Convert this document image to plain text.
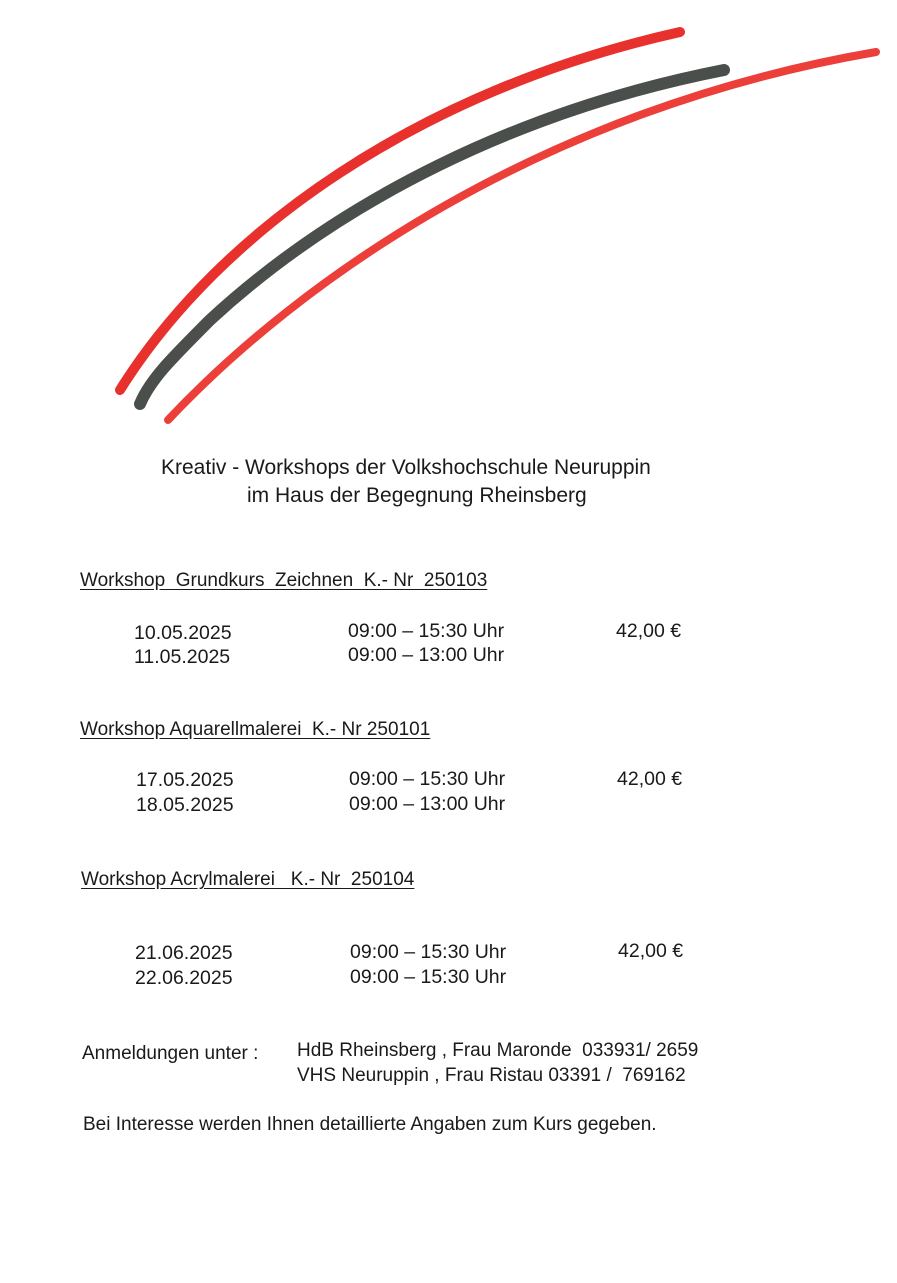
Kreativ - Workshops der Volkshochschule Neuruppin
im Haus der Begegnung Rheinsberg
Workshop  Grundkurs  Zeichnen  K.- Nr  250103
10.05.2025	09:00 – 15:30 Uhr	42,00 €
11.05.2025	09:00 – 13:00 Uhr
Workshop Aquarellmalerei  K.- Nr 250101
17.05.2025	09:00 – 15:30 Uhr	42,00 €
18.05.2025	09:00 – 13:00 Uhr
Workshop Acrylmalerei   K.- Nr  250104
21.06.2025	09:00 – 15:30 Uhr	42,00 €
22.06.2025	09:00 – 15:30 Uhr
Anmeldungen unter : HdB Rheinsberg , Frau Maronde  033931/ 2659
VHS Neuruppin , Frau Ristau 03391 /  769162
Bei Interesse werden Ihnen detaillierte Angaben zum Kurs gegeben.
